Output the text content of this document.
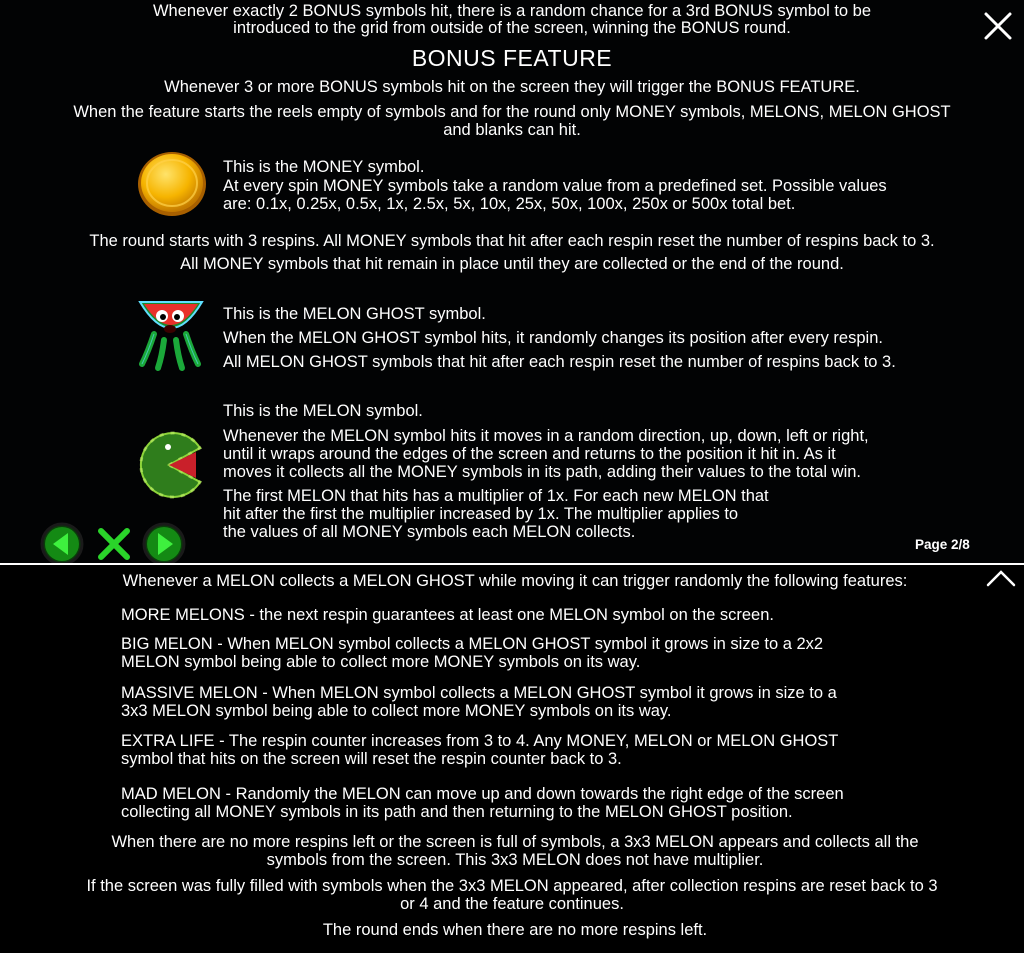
Whenever exactly 2 BONUS symbols hit, there is a random chance for a 3rd BONUS symbol to be
introduced to the grid from outside of the screen, winning the BONUS round.
BONUS FEATURE
Whenever 3 or more BONUS symbols hit on the screen they will trigger the BONUS FEATURE.
When the feature starts the reels empty of symbols and for the round only MONEY symbols, MELONS, MELON GHOST
and blanks can hit.
This is the MONEY symbol.
At every spin MONEY symbols take a random value from a predefined set. Possible values
are: 0.1x, 0.25x, 0.5x, 1x, 2.5x, 5x, 10x, 25x, 50x, 100x, 250x or 500x total bet.
The round starts with 3 respins. All MONEY symbols that hit after each respin reset the number of respins back to 3.
All MONEY symbols that hit remain in place until they are collected or the end of the round.
This is the MELON GHOST symbol.
When the MELON GHOST symbol hits, it randomly changes its position after every respin.
All MELON GHOST symbols that hit after each respin reset the number of respins back to 3.
This is the MELON symbol.
Whenever the MELON symbol hits it moves in a random direction, up, down, left or right,
until it wraps around the edges of the screen and returns to the position it hit in. As it
moves it collects all the MONEY symbols in its path, adding their values to the total win.
The first MELON that hits has a multiplier of 1x. For each new MELON that
hit after the first the multiplier increased by 1x. The multiplier applies to
the values of all MONEY symbols each MELON collects.
Page 2/8
Whenever a MELON collects a MELON GHOST while moving it can trigger randomly the following features:
MORE MELONS - the next respin guarantees at least one MELON symbol on the screen.
BIG MELON - When MELON symbol collects a MELON GHOST symbol it grows in size to a 2x2
MELON symbol being able to collect more MONEY symbols on its way.
MASSIVE MELON - When MELON symbol collects a MELON GHOST symbol it grows in size to a
3x3 MELON symbol being able to collect more MONEY symbols on its way.
EXTRA LIFE - The respin counter increases from 3 to 4. Any MONEY, MELON or MELON GHOST
symbol that hits on the screen will reset the respin counter back to 3.
MAD MELON - Randomly the MELON can move up and down towards the right edge of the screen
collecting all MONEY symbols in its path and then returning to the MELON GHOST position.
When there are no more respins left or the screen is full of symbols, a 3x3 MELON appears and collects all the
symbols from the screen. This 3x3 MELON does not have multiplier.
If the screen was fully filled with symbols when the 3x3 MELON appeared, after collection respins are reset back to 3
or 4 and the feature continues.
The round ends when there are no more respins left.
